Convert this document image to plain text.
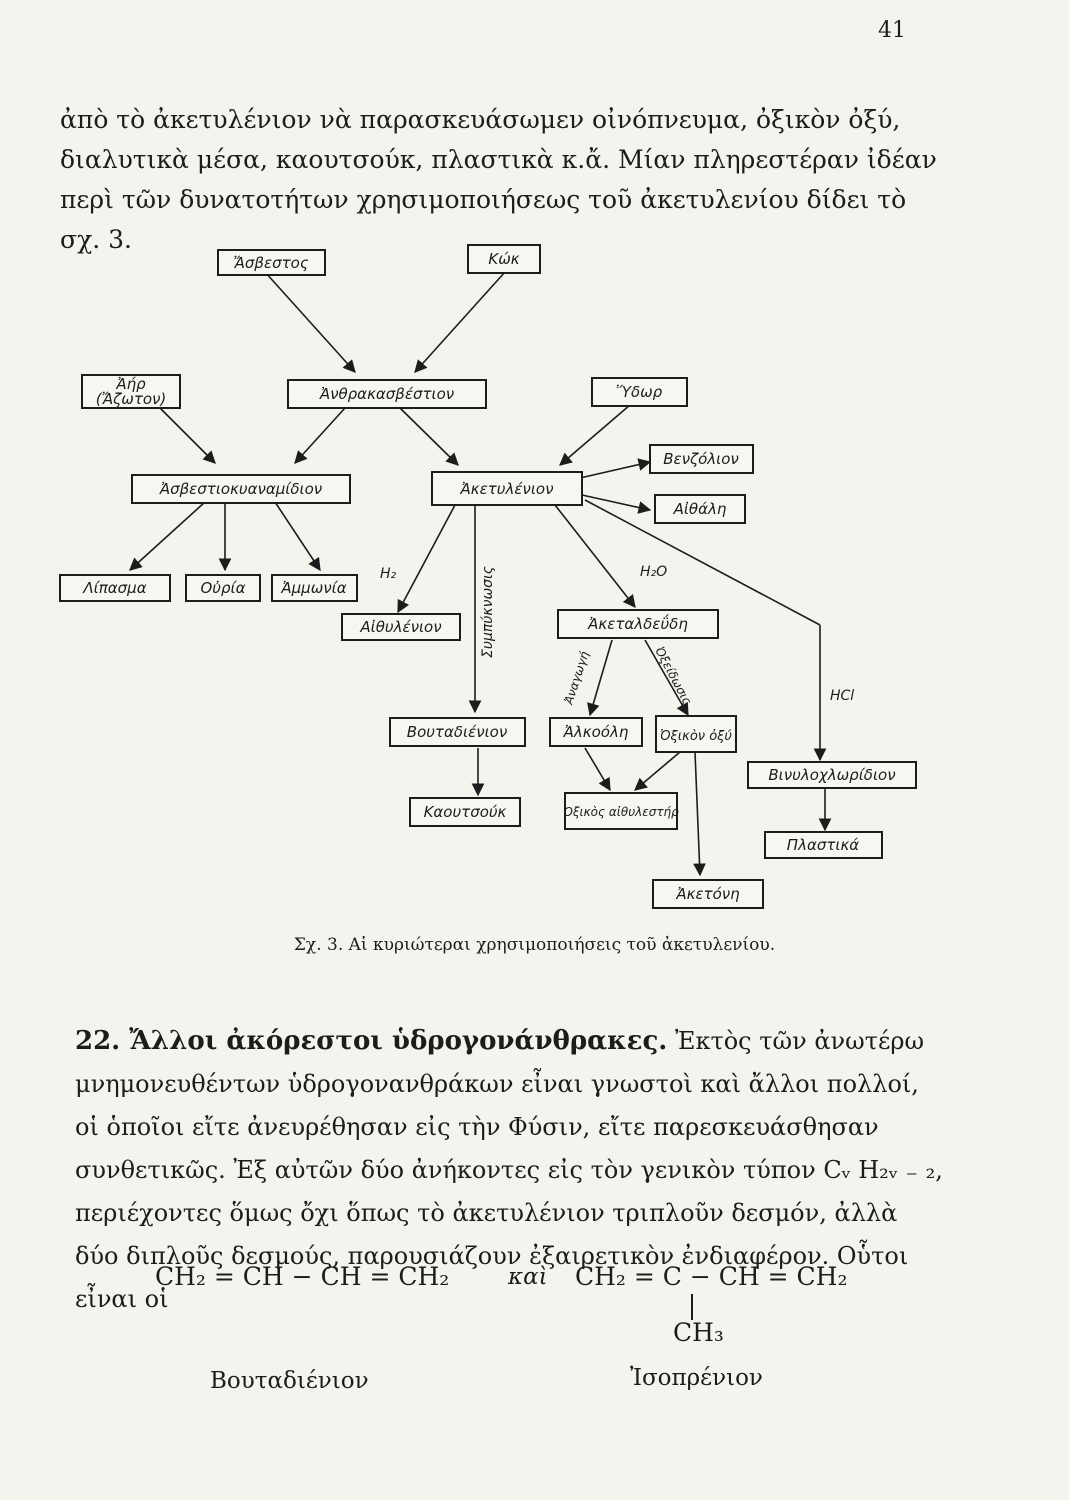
41
ἀπὸ τὸ ἀκετυλένιον νὰ παρασκευάσωμεν οἰνόπνευμα, ὀξικὸν ὀξύ, διαλυτικὰ μέσα, καουτσούκ, πλαστικὰ κ.ἄ. Μίαν πληρεστέραν ἰδέαν περὶ τῶν δυνατοτήτων χρησιμοποιήσεως τοῦ ἀκετυλενίου δίδει τὸ σχ. 3.
Ἄσβεστος	Κώκ
Ἀήρ
(Ἄζωτον)	Ἀνθρακασβέστιον	Ὕδωρ
Ἀσβεστιοκυαναμίδιον	Ἀκετυλένιον
Βενζόλιον
Αἰθάλη
Λίπασμα	Οὐρία Ἀμμωνία
Αἰθυλένιον	Ἀκεταλδεΰδη
Βουταδιένιον	Ἀλκοόλη Ὀξικὸν ὀξύ
Βινυλοχλωρίδιον
Καουτσούκ	Ὀξικὸς αἰθυλεστήρ
Πλαστικά
Ἀκετόνη
H₂	H₂O
HCl
Συμπύκνωσις
Ἀναγωγή	Ὀξείδωσις
Σχ. 3. Αἱ κυριώτεραι χρησιμοποιήσεις τοῦ ἀκετυλενίου.
22. Ἄλλοι ἀκόρεστοι ὑδρογονάνθρακες. Ἐκτὸς τῶν ἀνωτέρω μνημονευθέντων ὑδρογονανθράκων εἶναι γνωστοὶ καὶ ἄλλοι πολλοί, οἱ ὁποῖοι εἴτε ἀνευρέθησαν εἰς τὴν Φύσιν, εἴτε παρεσκευάσθησαν συνθετικῶς. Ἐξ αὐτῶν δύο ἀνήκοντες εἰς τὸν γενικὸν τύπον Cᵥ H₂ᵥ ₋ ₂, περιέχοντες ὅμως ὄχι ὅπως τὸ ἀκετυλένιον τριπλοῦν δεσμόν, ἀλλὰ δύο διπλοῦς δεσμούς, παρουσιάζουν ἐξαιρετικὸν ἐνδιαφέρον. Οὗτοι εἶναι οἱ
CH₂ = CH − CH = CH₂	καὶ CH₂ = C − CH = CH₂
CH₃
Βουταδιένιον	Ἰσοπρένιον
